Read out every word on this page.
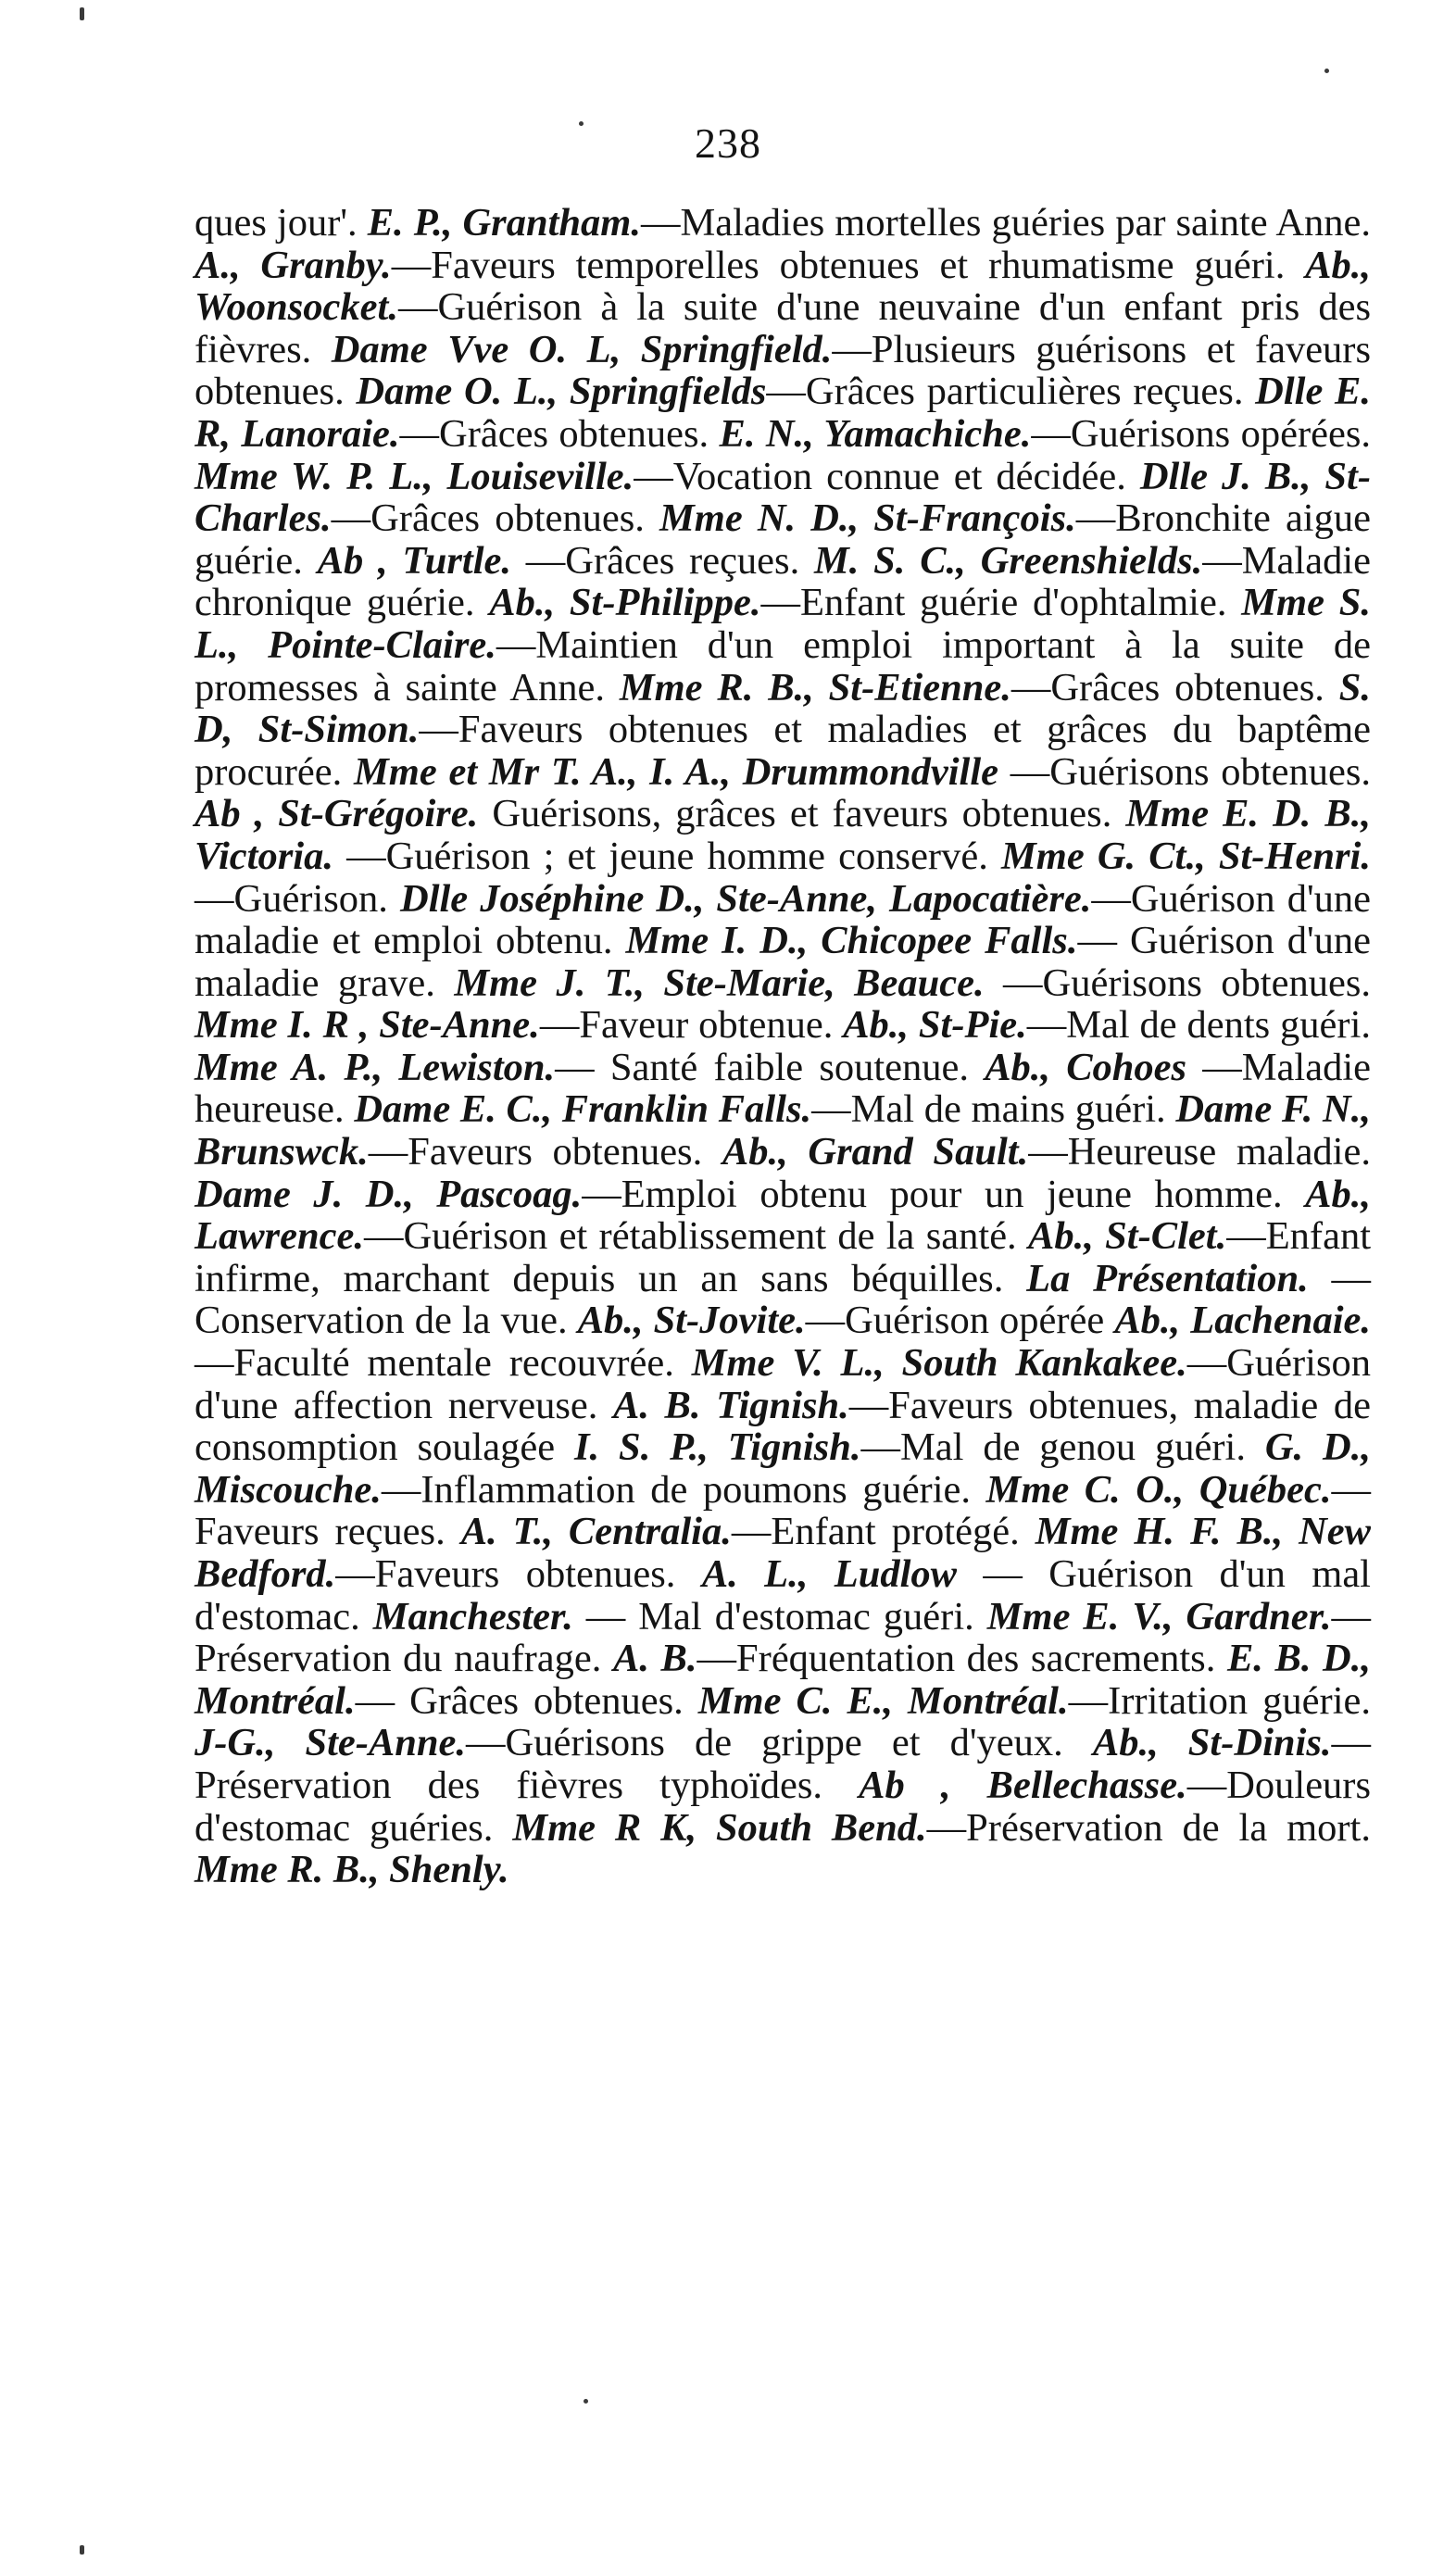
238

ques jour'. E. P., Grantham.—Maladies mortelles guéries par sainte Anne. A., Granby.—Faveurs temporelles obtenues et rhumatisme guéri. Ab., Woonsocket.—Guérison à la suite d'une neuvaine d'un enfant pris des fièvres. Dame Vve O. L, Springfield.—Plusieurs guérisons et faveurs obtenues. Dame O. L., Springfields—Grâces particulières reçues. Dlle E. R, Lanoraie.—Grâces obtenues. E. N., Yamachiche.—Guérisons opérées. Mme W. P. L., Louiseville.—Vocation connue et décidée. Dlle J. B., St-Charles.—Grâces obtenues. Mme N. D., St-François.—Bronchite aigue guérie. Ab , Turtle. —Grâces reçues. M. S. C., Greenshields.—Maladie chronique guérie. Ab., St-Philippe.—Enfant guérie d'ophtalmie. Mme S. L., Pointe-Claire.—Maintien d'un emploi important à la suite de promesses à sainte Anne. Mme R. B., St-Etienne.—Grâces obtenues. S. D, St-Simon.—Faveurs obtenues et maladies et grâces du baptême procurée. Mme et Mr T. A., I. A., Drummondville —Guérisons obtenues. Ab , St-Grégoire. Guérisons, grâces et faveurs obtenues. Mme E. D. B., Victoria. —Guérison ; et jeune homme conservé. Mme G. Ct., St-Henri. —Guérison. Dlle Joséphine D., Ste-Anne, Lapocatière.—Guérison d'une maladie et emploi obtenu. Mme I. D., Chicopee Falls.— Guérison d'une maladie grave. Mme J. T., Ste-Marie, Beauce. —Guérisons obtenues. Mme I. R , Ste-Anne.—Faveur obtenue. Ab., St-Pie.—Mal de dents guéri. Mme A. P., Lewiston.— Santé faible soutenue. Ab., Cohoes —Maladie heureuse. Dame E. C., Franklin Falls.—Mal de mains guéri. Dame F. N., Brunswck.—Faveurs obtenues. Ab., Grand Sault.—Heureuse maladie. Dame J. D., Pascoag.—Emploi obtenu pour un jeune homme. Ab., Lawrence.—Guérison et rétablissement de la santé. Ab., St-Clet.—Enfant infirme, marchant depuis un an sans béquilles. La Présentation. —Conservation de la vue. Ab., St-Jovite.—Guérison opérée Ab., Lachenaie.—Faculté mentale recouvrée. Mme V. L., South Kankakee.—Guérison d'une affection nerveuse. A. B. Tignish.—Faveurs obtenues, maladie de consomption soulagée I. S. P., Tignish.—Mal de genou guéri. G. D., Miscouche.—Inflammation de poumons guérie. Mme C. O., Québec.—Faveurs reçues. A. T., Centralia.—Enfant protégé. Mme H. F. B., New Bedford.—Faveurs obtenues. A. L., Ludlow — Guérison d'un mal d'estomac. Manchester. — Mal d'estomac guéri. Mme E. V., Gardner.—Préservation du naufrage. A. B.—Fréquentation des sacrements. E. B. D., Montréal.— Grâces obtenues. Mme C. E., Montréal.—Irritation guérie. J-G., Ste-Anne.—Guérisons de grippe et d'yeux. Ab., St-Dinis.— Préservation des fièvres typhoïdes. Ab , Bellechasse.—Douleurs d'estomac guéries. Mme R K, South Bend.—Préservation de la mort. Mme R. B., Shenly.
